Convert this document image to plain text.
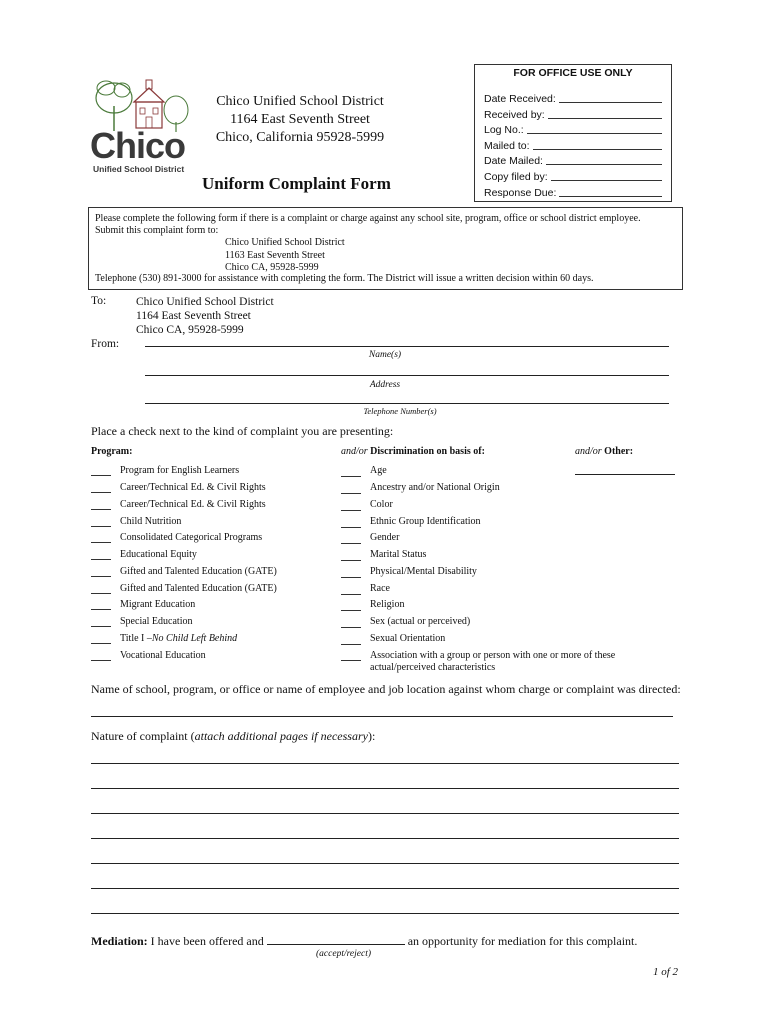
Chico
Unified School District
Chico Unified School District
1164 East Seventh Street
Chico, California 95928-5999
Uniform Complaint Form
FOR OFFICE USE ONLY
Date Received:
Received by:
Log No.:
Mailed to:
Date Mailed:
Copy filed by:
Response Due:
Please complete the following form if there is a complaint or charge against any school site, program, office or school district employee.
Submit this complaint form to:
Chico Unified School District
1163 East Seventh Street
Chico CA, 95928-5999
Telephone (530) 891-3000 for assistance with completing the form. The District will issue a written decision within 60 days.
To:	Chico Unified School District
1164 East Seventh Street
Chico CA, 95928-5999
From:
Name(s)
Address
Telephone Number(s)
Place a check next to the kind of complaint you are presenting:
Program:	and/or Discrimination on basis of:	and/or Other:
Program for English Learners
Career/Technical Ed. & Civil Rights
Career/Technical Ed. & Civil Rights
Child Nutrition
Consolidated Categorical Programs
Educational Equity
Gifted and Talented Education (GATE)
Gifted and Talented Education (GATE)
Migrant Education
Special Education
Title I – No Child Left Behind
Vocational Education
Age
Ancestry and/or National Origin
Color
Ethnic Group Identification
Gender
Marital Status
Physical/Mental Disability
Race
Religion
Sex (actual or perceived)
Sexual Orientation
Association with a group or person with one or more of these
actual/perceived characteristics
Name of school, program, or office or name of employee and job location against whom charge or complaint was directed:
Nature of complaint (attach additional pages if necessary):
Mediation: I have been offered and	an opportunity for mediation for this complaint.
(accept/reject)
1 of 2
